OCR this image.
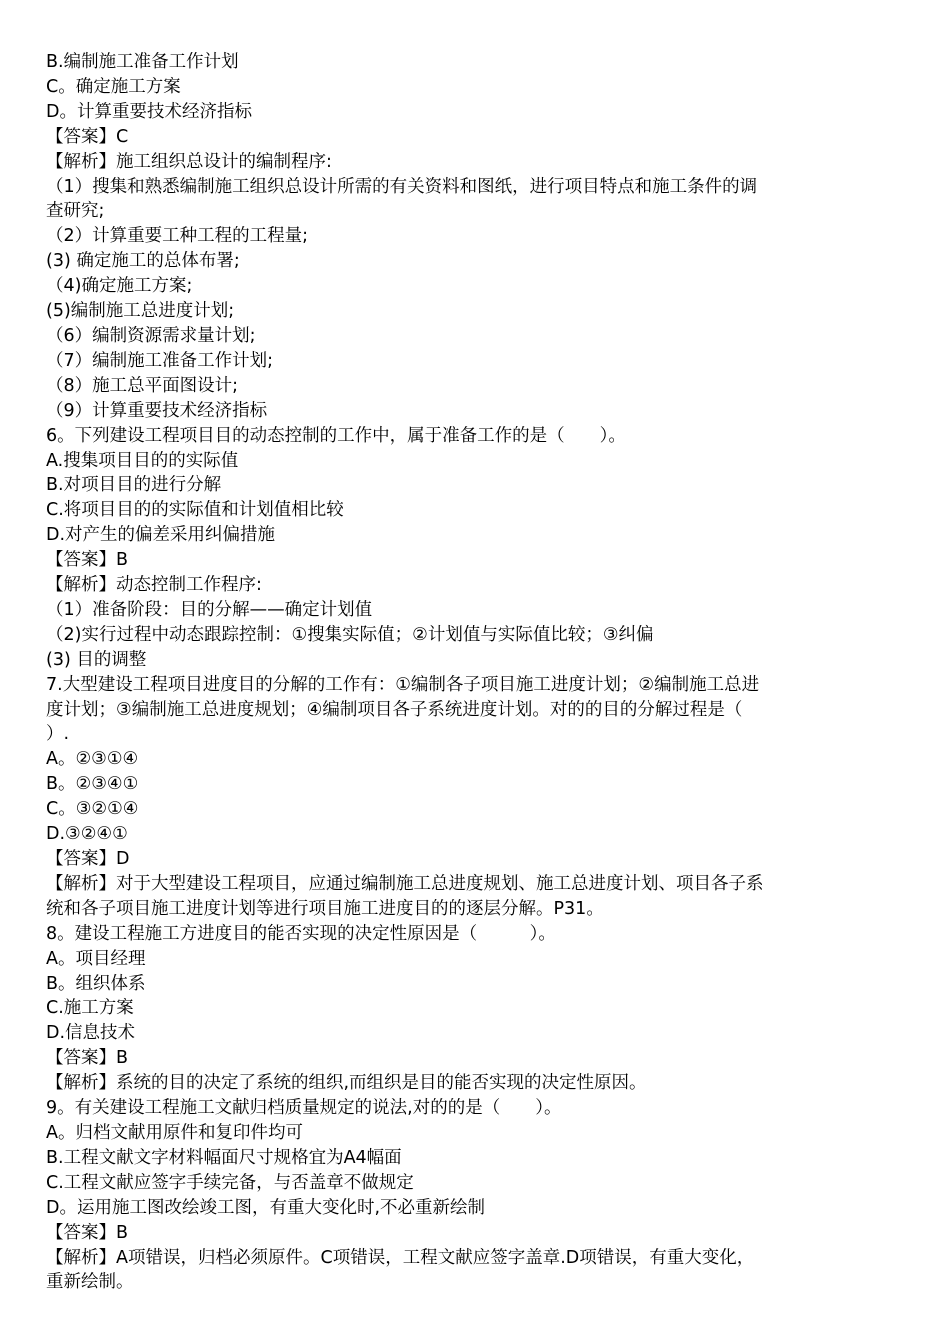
B.编制施工准备工作计划
C。确定施工方案
D。计算重要技术经济指标
【答案】C
【解析】施工组织总设计的编制程序:
（1）搜集和熟悉编制施工组织总设计所需的有关资料和图纸，进行项目特点和施工条件的调
查研究;
（2）计算重要工种工程的工程量;
(3) 确定施工的总体布署;
（4)确定施工方案;
(5)编制施工总进度计划;
（6）编制资源需求量计划;
（7）编制施工准备工作计划;
（8）施工总平面图设计;
（9）计算重要技术经济指标
6。下列建设工程项目目的动态控制的工作中，属于准备工作的是（　　）。
A.搜集项目目的的实际值
B.对项目目的进行分解
C.将项目目的的实际值和计划值相比较
D.对产生的偏差采用纠偏措施
【答案】B
【解析】动态控制工作程序:
（1）准备阶段：目的分解——确定计划值
（2)实行过程中动态跟踪控制：①搜集实际值；②计划值与实际值比较；③纠偏
(3) 目的调整
7.大型建设工程项目进度目的分解的工作有：①编制各子项目施工进度计划；②编制施工总进
度计划；③编制施工总进度规划；④编制项目各子系统进度计划。对的的目的分解过程是（
）.
A。②③①④
B。②③④①
C。③②①④
D.③②④①
【答案】D
【解析】对于大型建设工程项目，应通过编制施工总进度规划、施工总进度计划、项目各子系
统和各子项目施工进度计划等进行项目施工进度目的的逐层分解。P31。
8。建设工程施工方进度目的能否实现的决定性原因是（　　　）。
A。项目经理
B。组织体系
C.施工方案
D.信息技术
【答案】B
【解析】系统的目的决定了系统的组织,而组织是目的能否实现的决定性原因。
9。有关建设工程施工文献归档质量规定的说法,对的的是（　　）。
A。归档文献用原件和复印件均可
B.工程文献文字材料幅面尺寸规格宜为A4幅面
C.工程文献应签字手续完备，与否盖章不做规定
D。运用施工图改绘竣工图，有重大变化时,不必重新绘制
【答案】B
【解析】A项错误，归档必须原件。C项错误，工程文献应签字盖章.D项错误，有重大变化，
重新绘制。
